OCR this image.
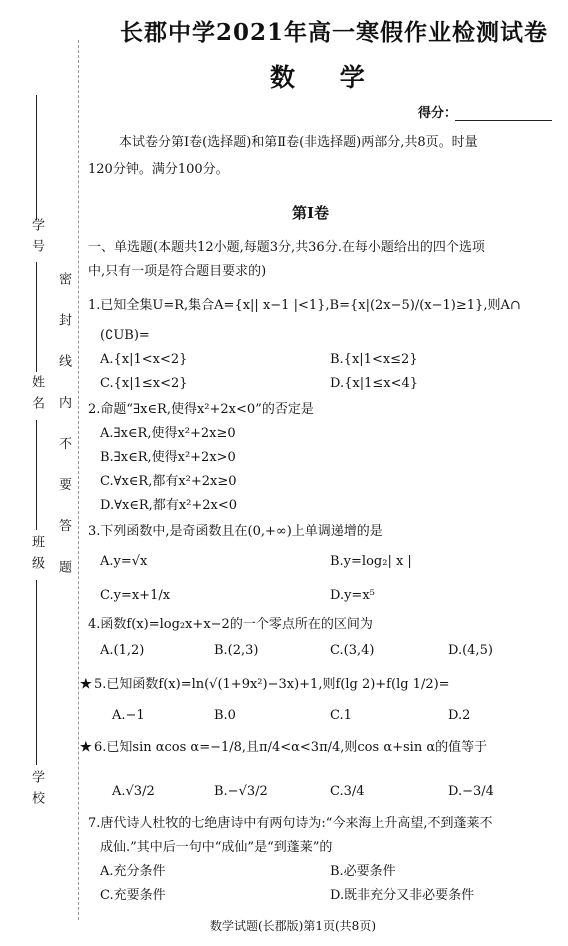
学 号
姓 名
班 级
学 校
密 封 线 内 不 要 答 题
长郡中学2021年高一寒假作业检测试卷
数 学
得分：
本试卷分第Ⅰ卷(选择题)和第Ⅱ卷(非选择题)两部分,共8页。时量
120分钟。满分100分。
第Ⅰ卷
一、单选题(本题共12小题,每题3分,共36分.在每小题给出的四个选项
中,只有一项是符合题目要求的)
1.已知全集U=R,集合A={x|| x−1 |<1},B={x|(2x−5)/(x−1)≥1},则A∩
(∁UB)=
A.{x|1<x<2}	B.{x|1<x≤2}
C.{x|1≤x<2}	D.{x|1≤x<4}
2.命题“∃x∈R,使得x²+2x<0”的否定是
A.∃x∈R,使得x²+2x≥0
B.∃x∈R,使得x²+2x>0
C.∀x∈R,都有x²+2x≥0
D.∀x∈R,都有x²+2x<0
3.下列函数中,是奇函数且在(0,+∞)上单调递增的是
A.y=√x	B.y=log₂| x |
C.y=x+1/x	D.y=x⁵
4.函数f(x)=log₂x+x−2的一个零点所在的区间为
A.(1,2)	B.(2,3)	C.(3,4)	D.(4,5)
★ 5.已知函数f(x)=ln(√(1+9x²)−3x)+1,则f(lg 2)+f(lg 1/2)=
A.−1	B.0	C.1	D.2
★ 6.已知sin αcos α=−1/8,且π/4<α<3π/4,则cos α+sin α的值等于
A.√3/2	B.−√3/2	C.3/4	D.−3/4
7.唐代诗人杜牧的七绝唐诗中有两句诗为:“今来海上升高望,不到蓬莱不
成仙.”其中后一句中“成仙”是“到蓬莱”的
A.充分条件	B.必要条件
C.充要条件	D.既非充分又非必要条件
数学试题(长郡版)第1页(共8页)
